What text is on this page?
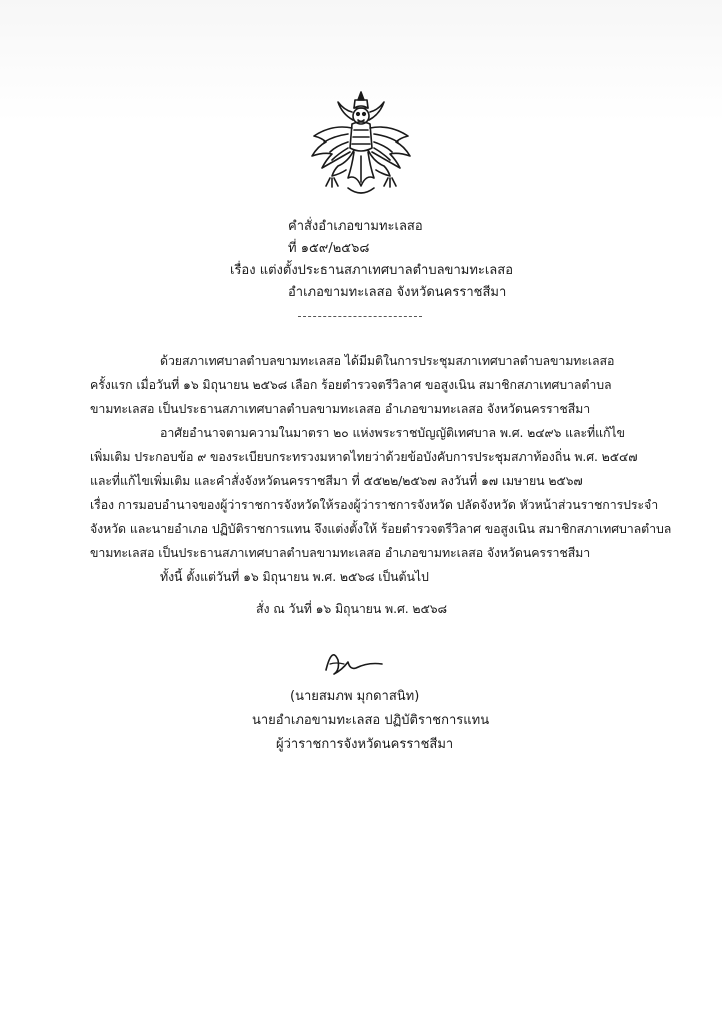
คำสั่งอำเภอขามทะเลสอ
ที่ ๑๕๙/๒๕๖๘
เรื่อง แต่งตั้งประธานสภาเทศบาลตำบลขามทะเลสอ
อำเภอขามทะเลสอ จังหวัดนครราชสีมา
ด้วยสภาเทศบาลตำบลขามทะเลสอ ได้มีมติในการประชุมสภาเทศบาลตำบลขามทะเลสอ
ครั้งแรก เมื่อวันที่ ๑๖ มิถุนายน ๒๕๖๘ เลือก ร้อยตำรวจตรีวิลาศ ขอสูงเนิน สมาชิกสภาเทศบาลตำบล
ขามทะเลสอ เป็นประธานสภาเทศบาลตำบลขามทะเลสอ อำเภอขามทะเลสอ จังหวัดนครราชสีมา
อาศัยอำนาจตามความในมาตรา ๒๐ แห่งพระราชบัญญัติเทศบาล พ.ศ. ๒๔๙๖ และที่แก้ไข
เพิ่มเติม ประกอบข้อ ๙ ของระเบียบกระทรวงมหาดไทยว่าด้วยข้อบังคับการประชุมสภาท้องถิ่น พ.ศ. ๒๕๔๗
และที่แก้ไขเพิ่มเติม และคำสั่งจังหวัดนครราชสีมา ที่ ๕๕๒๒/๒๕๖๗ ลงวันที่ ๑๗ เมษายน ๒๕๖๗
เรื่อง การมอบอำนาจของผู้ว่าราชการจังหวัดให้รองผู้ว่าราชการจังหวัด ปลัดจังหวัด หัวหน้าส่วนราชการประจำ
จังหวัด และนายอำเภอ ปฏิบัติราชการแทน จึงแต่งตั้งให้ ร้อยตำรวจตรีวิลาศ ขอสูงเนิน สมาชิกสภาเทศบาลตำบล
ขามทะเลสอ เป็นประธานสภาเทศบาลตำบลขามทะเลสอ อำเภอขามทะเลสอ จังหวัดนครราชสีมา
ทั้งนี้ ตั้งแต่วันที่ ๑๖ มิถุนายน พ.ศ. ๒๕๖๘ เป็นต้นไป
สั่ง ณ วันที่ ๑๖ มิถุนายน พ.ศ. ๒๕๖๘
(นายสมภพ มุกดาสนิท)
นายอำเภอขามทะเลสอ ปฏิบัติราชการแทน
ผู้ว่าราชการจังหวัดนครราชสีมา
